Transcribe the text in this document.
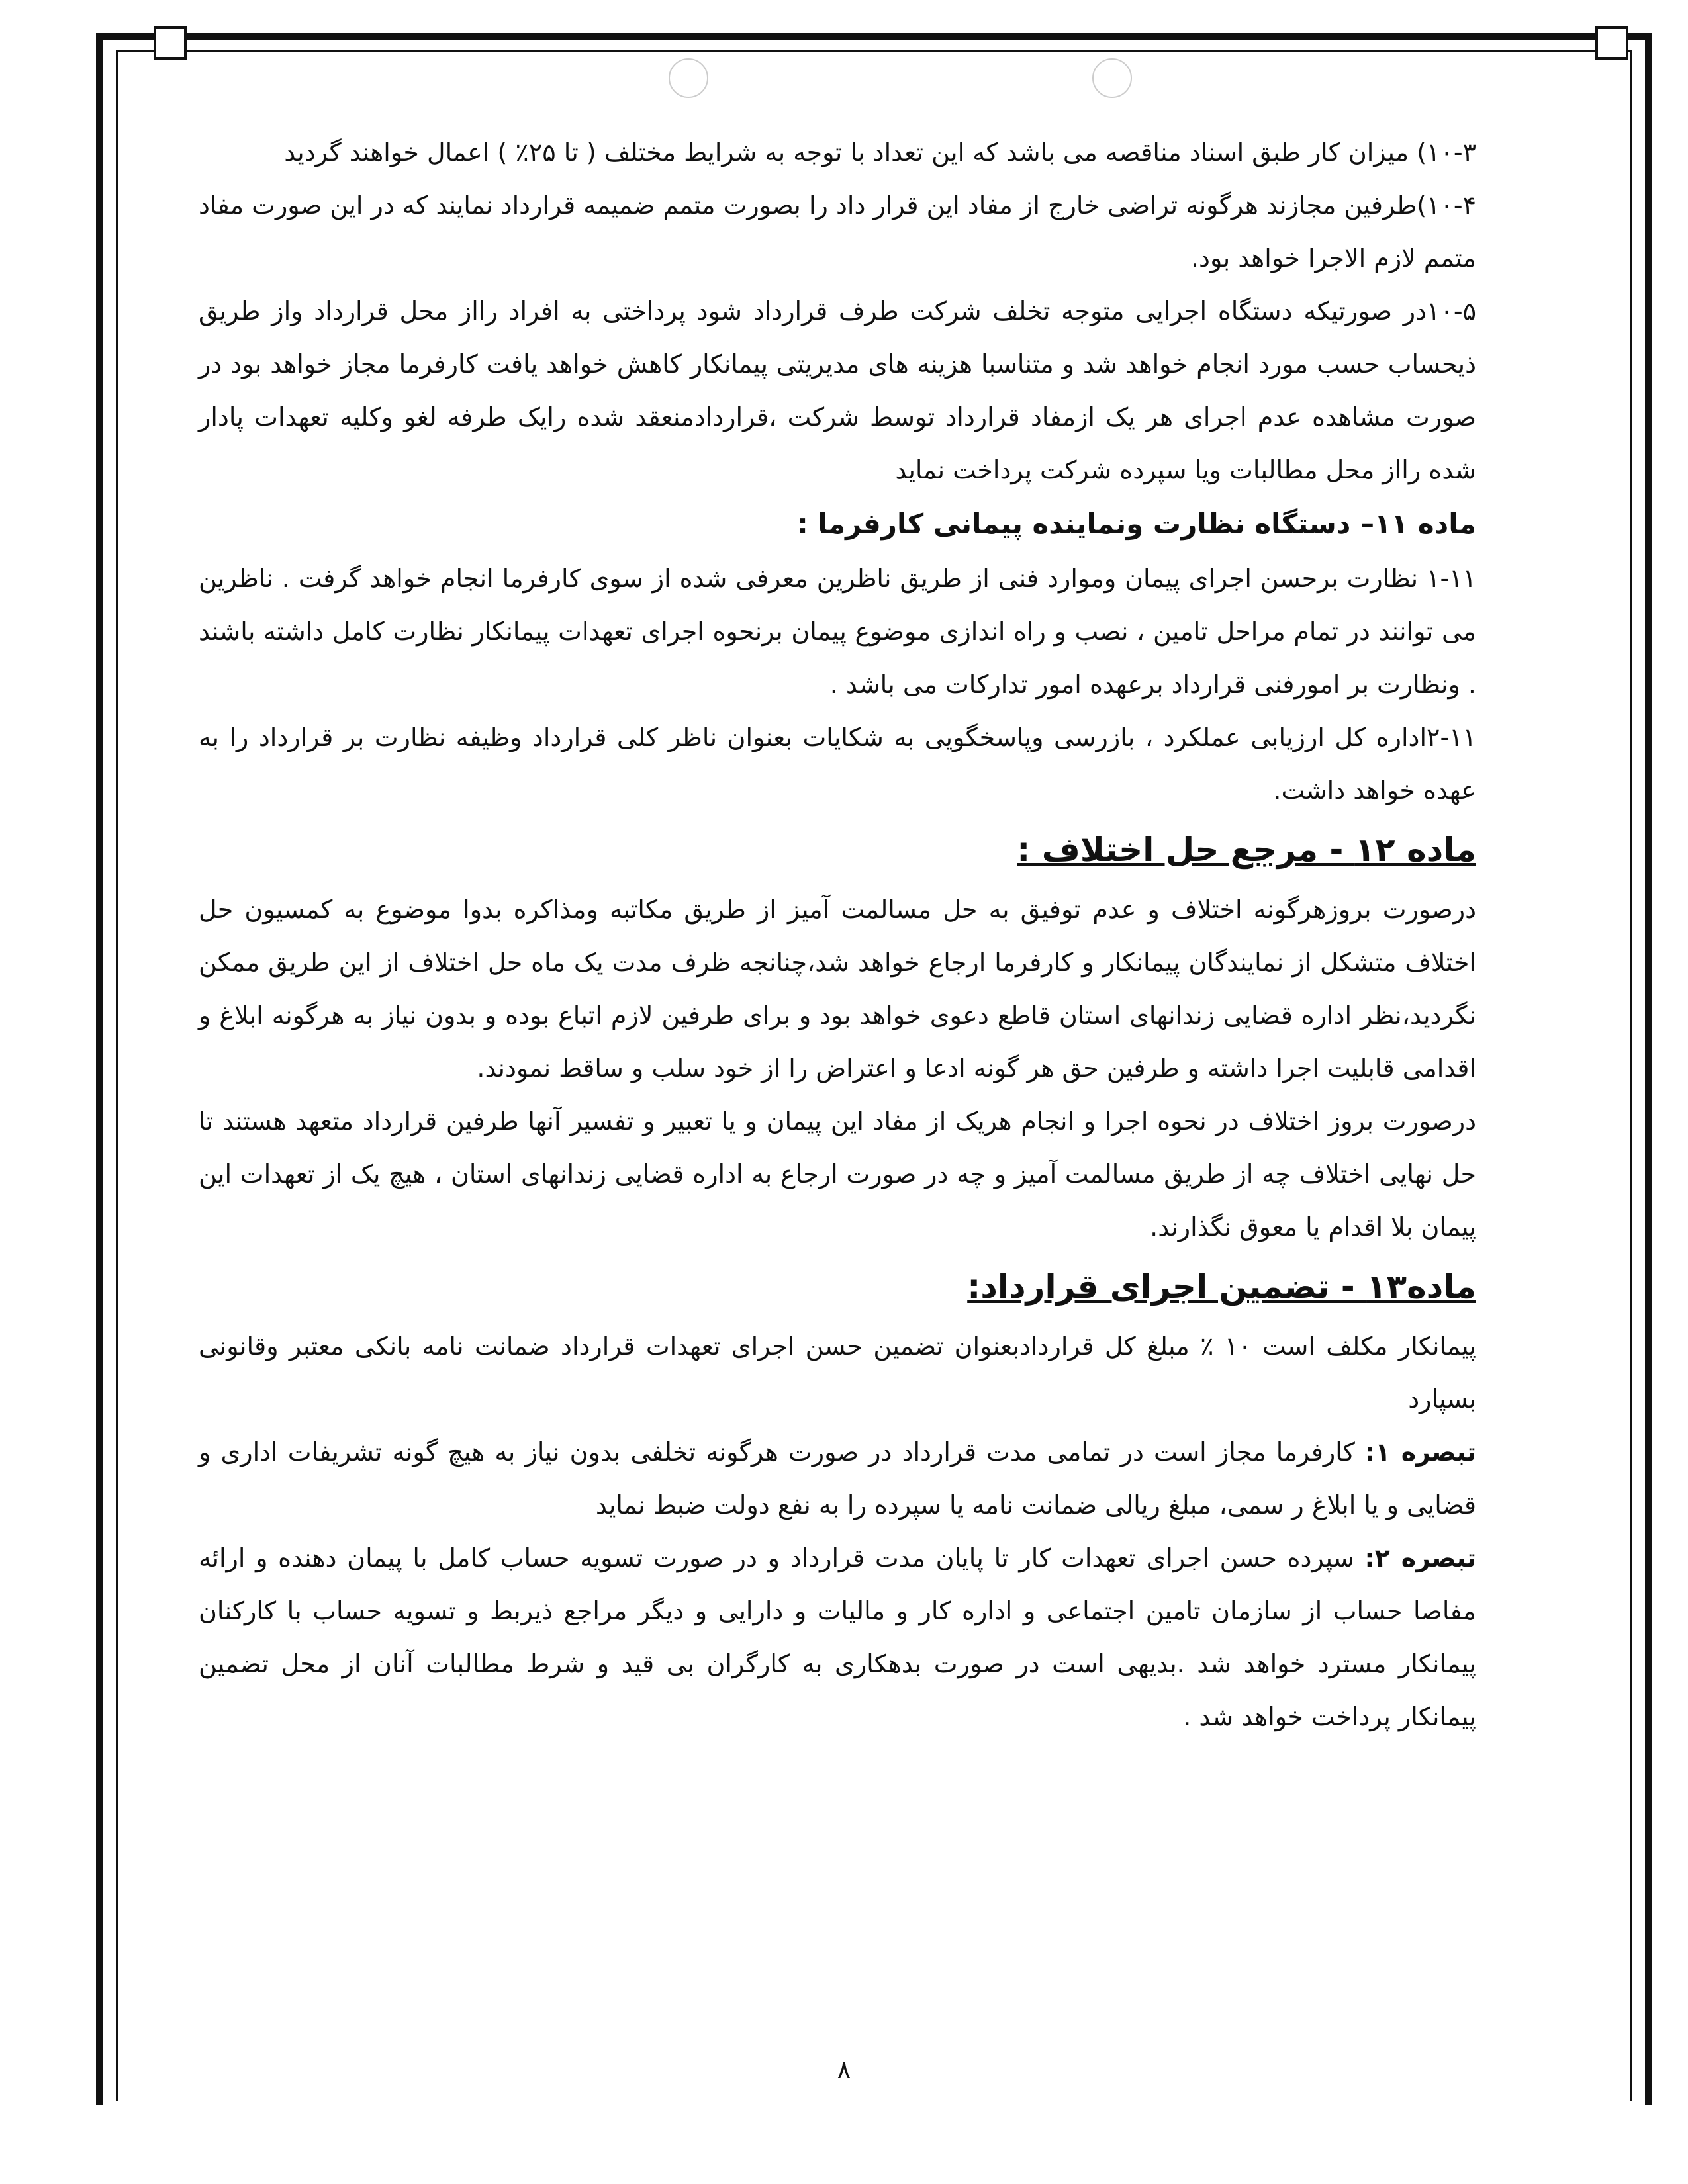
۱۰-۳) میزان کار طبق اسناد مناقصه می باشد که این تعداد با توجه به شرایط مختلف ( تا ۲۵٪ ) اعمال خواهند گردید

۱۰-۴)طرفین مجازند هرگونه تراضی خارج از مفاد این قرار داد را بصورت متمم ضمیمه قرارداد نمایند که در این صورت مفاد متمم لازم الاجرا خواهد بود.

۱۰-۵در صورتیکه دستگاه اجرایی متوجه تخلف شرکت طرف قرارداد شود پرداختی به افراد رااز محل قرارداد واز طریق ذیحساب حسب مورد انجام خواهد شد و متناسبا هزینه های مدیریتی پیمانکار کاهش خواهد یافت کارفرما مجاز خواهد بود در صورت مشاهده عدم اجرای هر یک ازمفاد قرارداد توسط شرکت ،قراردادمنعقد شده رایک طرفه لغو وکلیه تعهدات پادار شده رااز محل مطالبات ویا سپرده شرکت پرداخت نماید

ماده ۱۱– دستگاه نظارت ونماینده پیمانی کارفرما :

۱-۱۱ نظارت برحسن اجرای پیمان وموارد فنی از طریق ناظرین معرفی شده از سوی کارفرما انجام خواهد گرفت . ناظرین می توانند در تمام مراحل تامین ، نصب و راه اندازی موضوع پیمان برنحوه اجرای تعهدات پیمانکار نظارت کامل داشته باشند . ونظارت بر امورفنی قرارداد برعهده امور تدارکات می باشد .

۲-۱۱اداره کل ارزیابی عملکرد ، بازرسی وپاسخگویی به شکایات بعنوان ناظر کلی قرارداد وظیفه نظارت بر قرارداد را به عهده خواهد داشت.

ماده ۱۲ - مرجع حل اختلاف :

درصورت بروزهرگونه اختلاف و عدم توفیق به حل مسالمت آمیز از طریق مکاتبه ومذاکره بدوا موضوع به کمسیون حل اختلاف متشکل از نمایندگان پیمانکار و کارفرما ارجاع خواهد شد،چنانجه ظرف مدت یک ماه حل اختلاف از این طریق ممکن نگردید،نظر اداره قضایی زندانهای استان قاطع دعوی خواهد بود و برای طرفین لازم اتباع بوده و بدون نیاز به هرگونه ابلاغ و اقدامی قابلیت اجرا داشته و طرفین حق هر گونه ادعا و اعتراض را از خود سلب و ساقط نمودند.

درصورت بروز اختلاف در نحوه اجرا و انجام هریک از مفاد این پیمان و یا تعبیر و تفسیر آنها طرفین قرارداد متعهد هستند تا حل نهایی اختلاف چه از طریق مسالمت آمیز و چه در صورت ارجاع به اداره قضایی زندانهای استان ، هیچ یک از تعهدات این پیمان بلا اقدام یا معوق نگذارند.

ماده۱۳ - تضمین اجرای قرارداد:

پیمانکار مکلف است ۱۰ ٪ مبلغ کل قراردادبعنوان تضمین حسن اجرای تعهدات قرارداد ضمانت نامه بانکی معتبر وقانونی بسپارد

تبصره ۱: کارفرما مجاز است در تمامی مدت قرارداد در صورت هرگونه تخلفی بدون نیاز به هیچ گونه تشریفات اداری و قضایی و یا ابلاغ ر سمی، مبلغ ریالی ضمانت نامه یا سپرده را به نفع دولت ضبط نماید

تبصره ۲: سپرده حسن اجرای تعهدات کار تا پایان مدت قرارداد و در صورت تسویه حساب کامل با پیمان دهنده و ارائه مفاصا حساب از سازمان تامین اجتماعی و اداره کار و مالیات و دارایی و دیگر مراجع ذیربط و تسویه حساب با کارکنان پیمانکار مسترد خواهد شد .بدیهی است در صورت بدهکاری به کارگران بی قید و شرط مطالبات آنان از محل تضمین پیمانکار پرداخت خواهد شد .

۸
